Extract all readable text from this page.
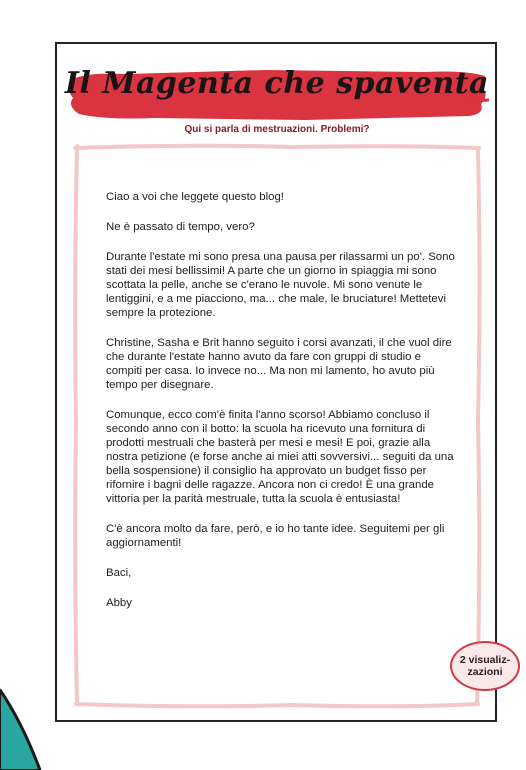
Il Magenta che spaventa

Qui si parla di mestruazioni. Problemi?

Ciao a voi che leggete questo blog!

Ne è passato di tempo, vero?

Durante l'estate mi sono presa una pausa per rilassarmi un po'. Sono stati dei mesi bellissimi! A parte che un giorno in spiaggia mi sono scottata la pelle, anche se c'erano le nuvole. Mi sono venute le lentiggini, e a me piacciono, ma... che male, le bruciature! Mettetevi sempre la protezione.

Christine, Sasha e Brit hanno seguito i corsi avanzati, il che vuol dire che durante l'estate hanno avuto da fare con gruppi di studio e compiti per casa. Io invece no... Ma non mi lamento, ho avuto più tempo per disegnare.

Comunque, ecco com'è finita l'anno scorso! Abbiamo concluso il secondo anno con il botto: la scuola ha ricevuto una fornitura di prodotti mestruali che basterà per mesi e mesi! E poi, grazie alla nostra petizione (e forse anche ai miei atti sovversivi... seguiti da una bella sospensione) il consiglio ha approvato un budget fisso per rifornire i bagni delle ragazze. Ancora non ci credo! È una grande vittoria per la parità mestruale, tutta la scuola è entusiasta!

C'è ancora molto da fare, però, e io ho tante idee. Seguitemi per gli aggiornamenti!

Baci,

Abby

2 visualiz- zazioni
